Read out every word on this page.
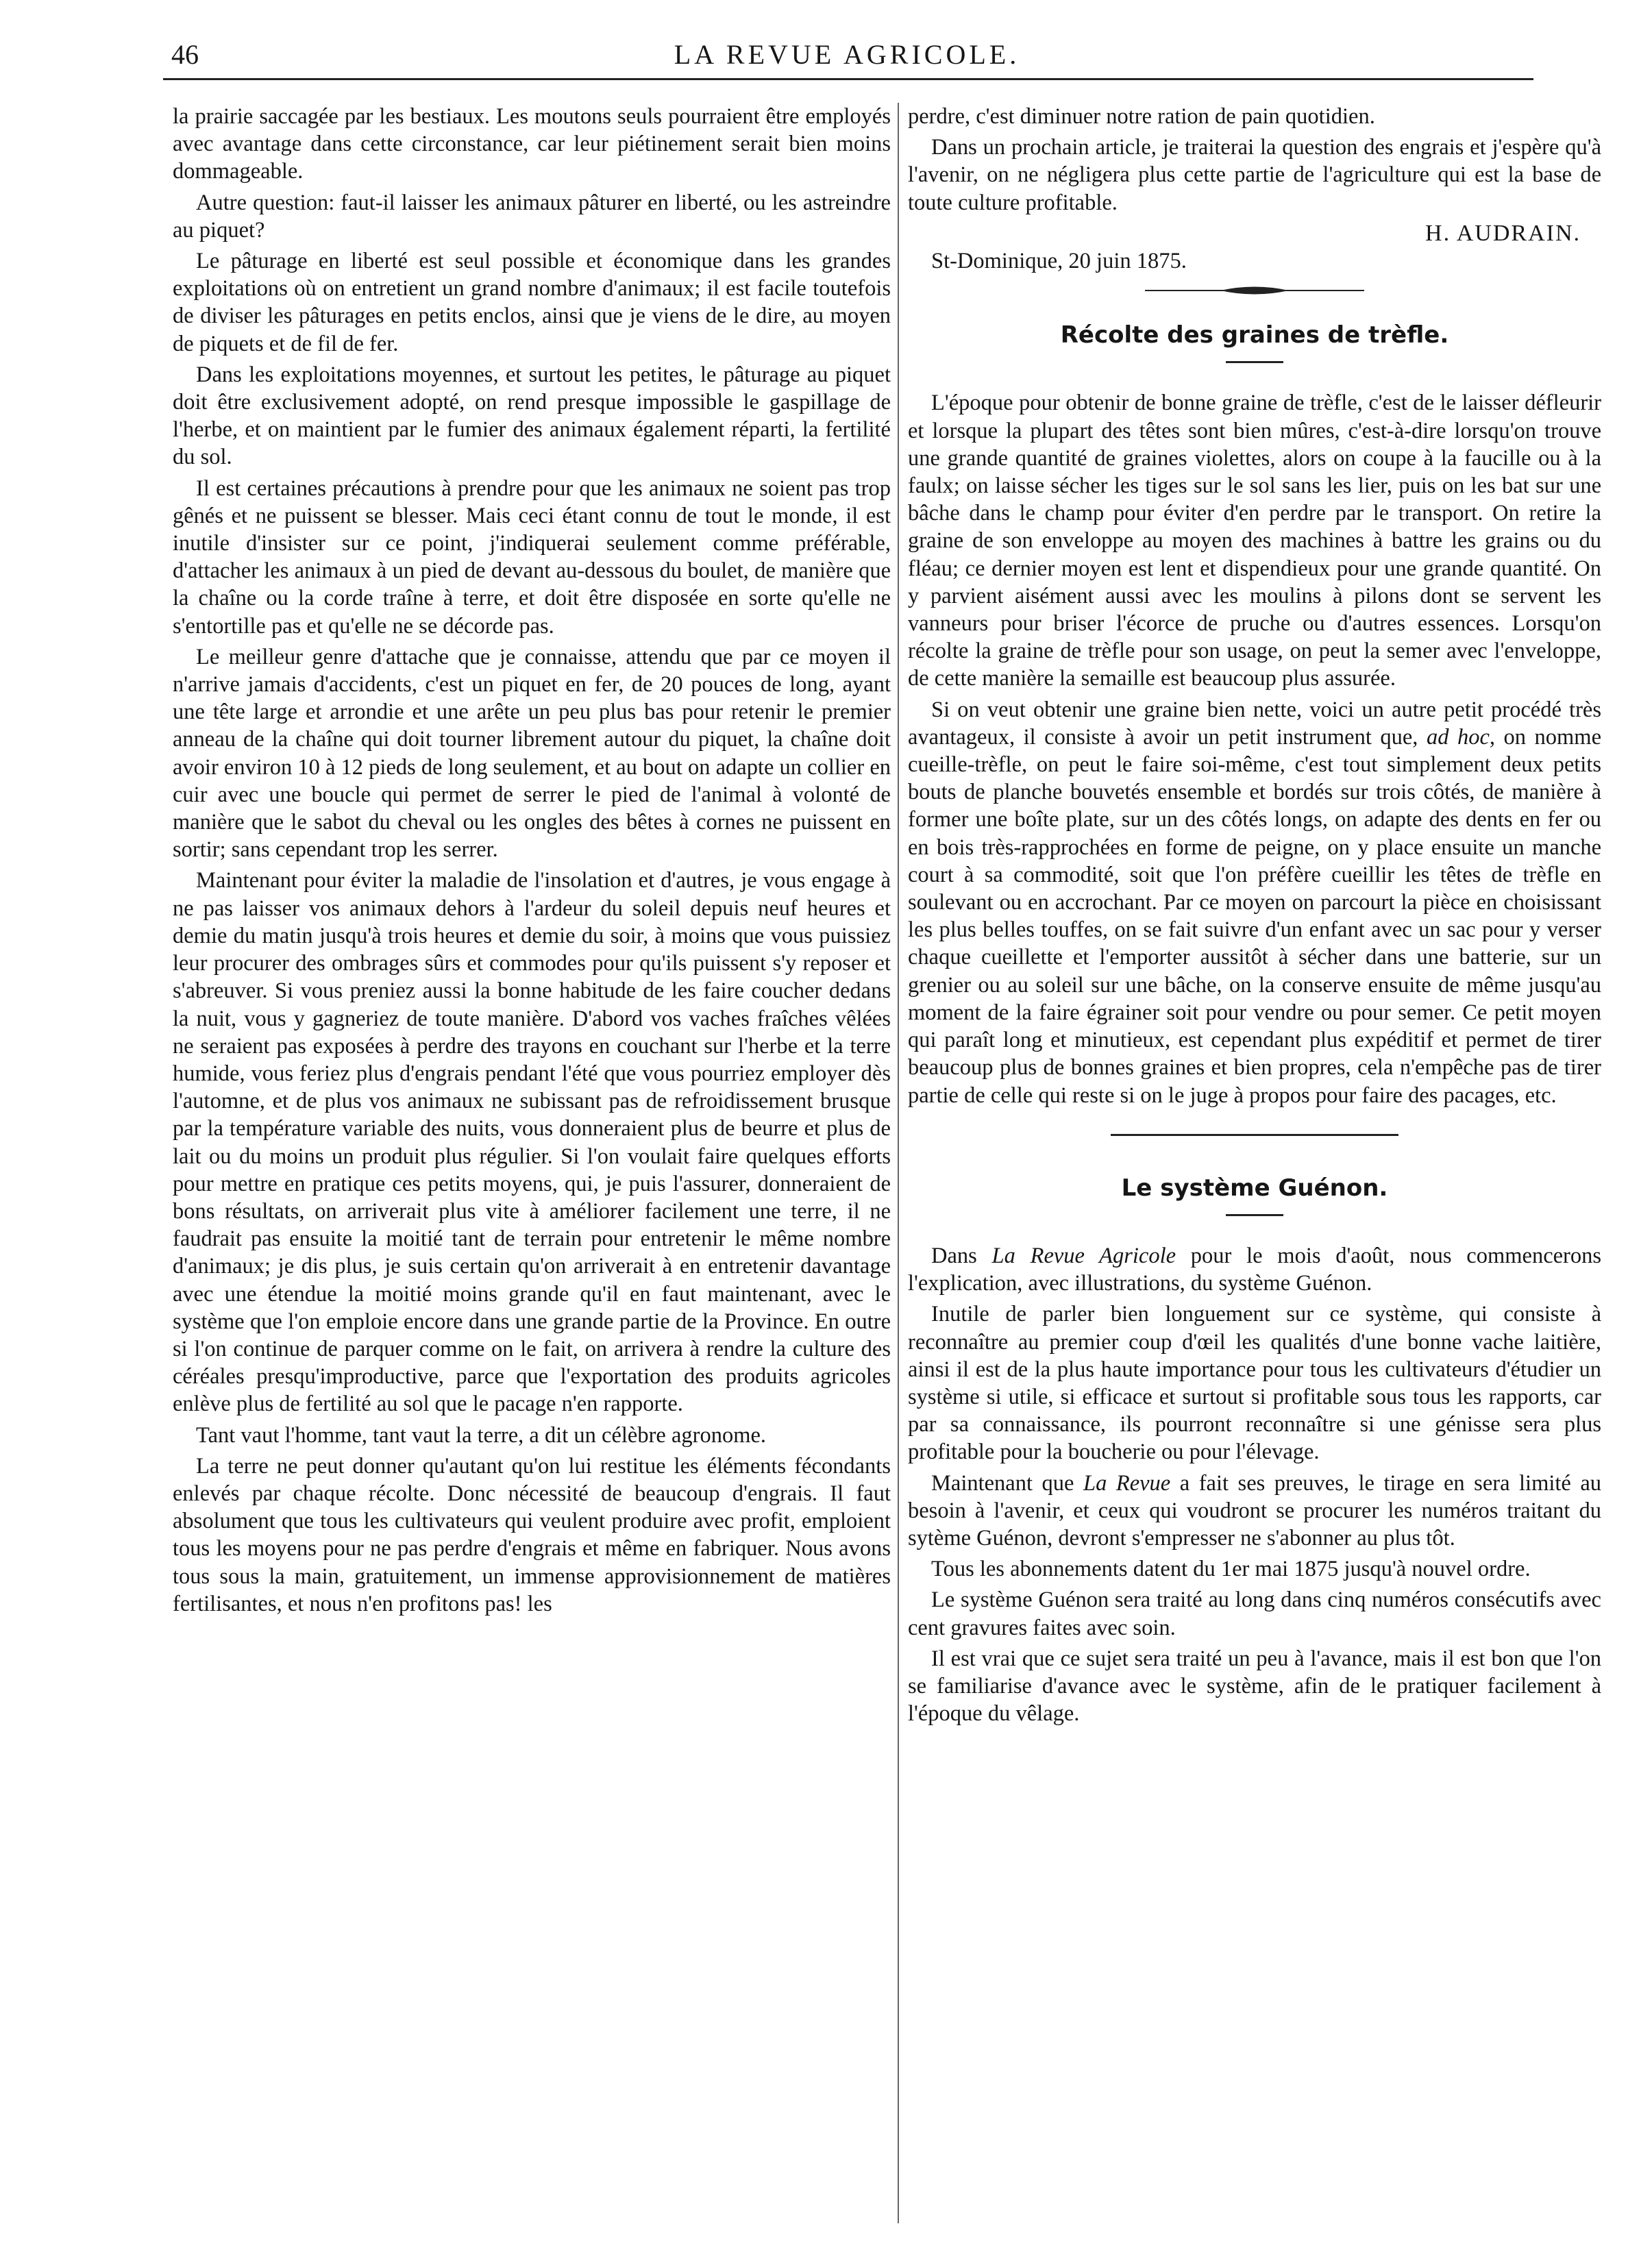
46	LA REVUE AGRICOLE.

la prairie saccagée par les bestiaux. Les moutons seuls pourraient être employés avec avantage dans cette circonstance, car leur piétinement serait bien moins dommageable.

Autre question: faut-il laisser les animaux pâturer en liberté, ou les astreindre au piquet?

Le pâturage en liberté est seul possible et économique dans les grandes exploitations où on entretient un grand nombre d'animaux; il est facile toutefois de diviser les pâturages en petits enclos, ainsi que je viens de le dire, au moyen de piquets et de fil de fer.

Dans les exploitations moyennes, et surtout les petites, le pâturage au piquet doit être exclusivement adopté, on rend presque impossible le gaspillage de l'herbe, et on maintient par le fumier des animaux également réparti, la fertilité du sol.

Il est certaines précautions à prendre pour que les animaux ne soient pas trop gênés et ne puissent se blesser. Mais ceci étant connu de tout le monde, il est inutile d'insister sur ce point, j'indiquerai seulement comme préférable, d'attacher les animaux à un pied de devant au-dessous du boulet, de manière que la chaîne ou la corde traîne à terre, et doit être disposée en sorte qu'elle ne s'entortille pas et qu'elle ne se décorde pas.

Le meilleur genre d'attache que je connaisse, attendu que par ce moyen il n'arrive jamais d'accidents, c'est un piquet en fer, de 20 pouces de long, ayant une tête large et arrondie et une arête un peu plus bas pour retenir le premier anneau de la chaîne qui doit tourner librement autour du piquet, la chaîne doit avoir environ 10 à 12 pieds de long seulement, et au bout on adapte un collier en cuir avec une boucle qui permet de serrer le pied de l'animal à volonté de manière que le sabot du cheval ou les ongles des bêtes à cornes ne puissent en sortir; sans cependant trop les serrer.

Maintenant pour éviter la maladie de l'insolation et d'autres, je vous engage à ne pas laisser vos animaux dehors à l'ardeur du soleil depuis neuf heures et demie du matin jusqu'à trois heures et demie du soir, à moins que vous puissiez leur procurer des ombrages sûrs et commodes pour qu'ils puissent s'y reposer et s'abreuver. Si vous preniez aussi la bonne habitude de les faire coucher dedans la nuit, vous y gagneriez de toute manière. D'abord vos vaches fraîches vêlées ne seraient pas exposées à perdre des trayons en couchant sur l'herbe et la terre humide, vous feriez plus d'engrais pendant l'été que vous pourriez employer dès l'automne, et de plus vos animaux ne subissant pas de refroidissement brusque par la température variable des nuits, vous donneraient plus de beurre et plus de lait ou du moins un produit plus régulier. Si l'on voulait faire quelques efforts pour mettre en pratique ces petits moyens, qui, je puis l'assurer, donneraient de bons résultats, on arriverait plus vite à améliorer facilement une terre, il ne faudrait pas ensuite la moitié tant de terrain pour entretenir le même nombre d'animaux; je dis plus, je suis certain qu'on arriverait à en entretenir davantage avec une étendue la moitié moins grande qu'il en faut maintenant, avec le système que l'on emploie encore dans une grande partie de la Province. En outre si l'on continue de parquer comme on le fait, on arrivera à rendre la culture des céréales presqu'improductive, parce que l'exportation des produits agricoles enlève plus de fertilité au sol que le pacage n'en rapporte.

Tant vaut l'homme, tant vaut la terre, a dit un célèbre agronome.

La terre ne peut donner qu'autant qu'on lui restitue les éléments fécondants enlevés par chaque récolte. Donc nécessité de beaucoup d'engrais. Il faut absolument que tous les cultivateurs qui veulent produire avec profit, emploient tous les moyens pour ne pas perdre d'engrais et même en fabriquer. Nous avons tous sous la main, gratuitement, un immense approvisionnement de matières fertilisantes, et nous n'en profitons pas! les

perdre, c'est diminuer notre ration de pain quotidien.

Dans un prochain article, je traiterai la question des engrais et j'espère qu'à l'avenir, on ne négligera plus cette partie de l'agriculture qui est la base de toute culture profitable.

H. AUDRAIN.

St-Dominique, 20 juin 1875.

Récolte des graines de trèfle.

L'époque pour obtenir de bonne graine de trèfle, c'est de le laisser défleurir et lorsque la plupart des têtes sont bien mûres, c'est-à-dire lorsqu'on trouve une grande quantité de graines violettes, alors on coupe à la faucille ou à la faulx; on laisse sécher les tiges sur le sol sans les lier, puis on les bat sur une bâche dans le champ pour éviter d'en perdre par le transport. On retire la graine de son enveloppe au moyen des machines à battre les grains ou du fléau; ce dernier moyen est lent et dispendieux pour une grande quantité. On y parvient aisément aussi avec les moulins à pilons dont se servent les vanneurs pour briser l'écorce de pruche ou d'autres essences. Lorsqu'on récolte la graine de trèfle pour son usage, on peut la semer avec l'enveloppe, de cette manière la semaille est beaucoup plus assurée.

Si on veut obtenir une graine bien nette, voici un autre petit procédé très avantageux, il consiste à avoir un petit instrument que, ad hoc, on nomme cueille-trèfle, on peut le faire soi-même, c'est tout simplement deux petits bouts de planche bouvetés ensemble et bordés sur trois côtés, de manière à former une boîte plate, sur un des côtés longs, on adapte des dents en fer ou en bois très-rapprochées en forme de peigne, on y place ensuite un manche court à sa commodité, soit que l'on préfère cueillir les têtes de trèfle en soulevant ou en accrochant. Par ce moyen on parcourt la pièce en choisissant les plus belles touffes, on se fait suivre d'un enfant avec un sac pour y verser chaque cueillette et l'emporter aussitôt à sécher dans une batterie, sur un grenier ou au soleil sur une bâche, on la conserve ensuite de même jusqu'au moment de la faire égrainer soit pour vendre ou pour semer. Ce petit moyen qui paraît long et minutieux, est cependant plus expéditif et permet de tirer beaucoup plus de bonnes graines et bien propres, cela n'empêche pas de tirer partie de celle qui reste si on le juge à propos pour faire des pacages, etc.

Le système Guénon.

Dans La Revue Agricole pour le mois d'août, nous commencerons l'explication, avec illustrations, du système Guénon.

Inutile de parler bien longuement sur ce système, qui consiste à reconnaître au premier coup d'œil les qualités d'une bonne vache laitière, ainsi il est de la plus haute importance pour tous les cultivateurs d'étudier un système si utile, si efficace et surtout si profitable sous tous les rapports, car par sa connaissance, ils pourront reconnaître si une génisse sera plus profitable pour la boucherie ou pour l'élevage.

Maintenant que La Revue a fait ses preuves, le tirage en sera limité au besoin à l'avenir, et ceux qui voudront se procurer les numéros traitant du sytème Guénon, devront s'empresser ne s'abonner au plus tôt.

Tous les abonnements datent du 1er mai 1875 jusqu'à nouvel ordre.

Le système Guénon sera traité au long dans cinq numéros consécutifs avec cent gravures faites avec soin.

Il est vrai que ce sujet sera traité un peu à l'avance, mais il est bon que l'on se familiarise d'avance avec le système, afin de le pratiquer facilement à l'époque du vêlage.
